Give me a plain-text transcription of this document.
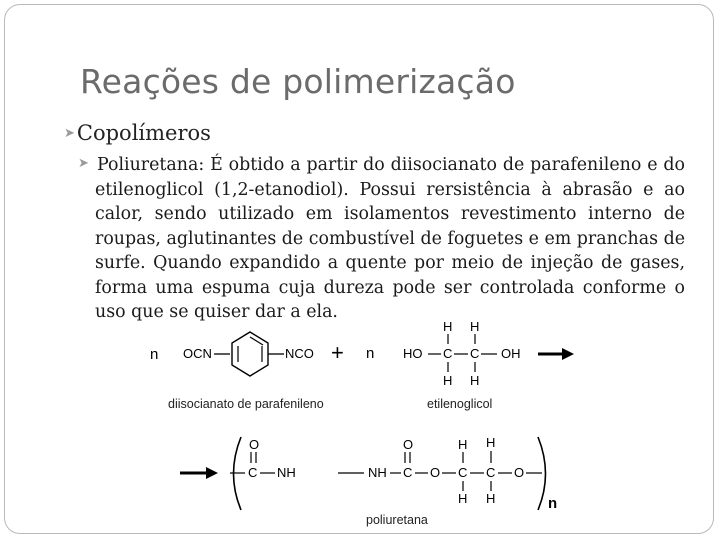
Reações de polimerização
➤Copolímeros

➤ Poliuretana: É obtido a partir do diisocianato de parafenileno e do etilenoglicol (1,2-etanodiol). Possui rersistência à abrasão e ao calor, sendo utilizado em isolamentos revestimento interno de roupas, aglutinantes de combustível de foguetes e em pranchas de surfe. Quando expandido a quente por meio de injeção de gases, forma uma espuma cuja dureza pode ser controlada conforme o uso que se quiser dar a ela.

n OCN	NCO + n HO C C OH
H H
H H
diisocianato de parafenileno	etilenoglicol
C
O
NH	NH C
O
O C C O
H H
H H	n
poliuretana
